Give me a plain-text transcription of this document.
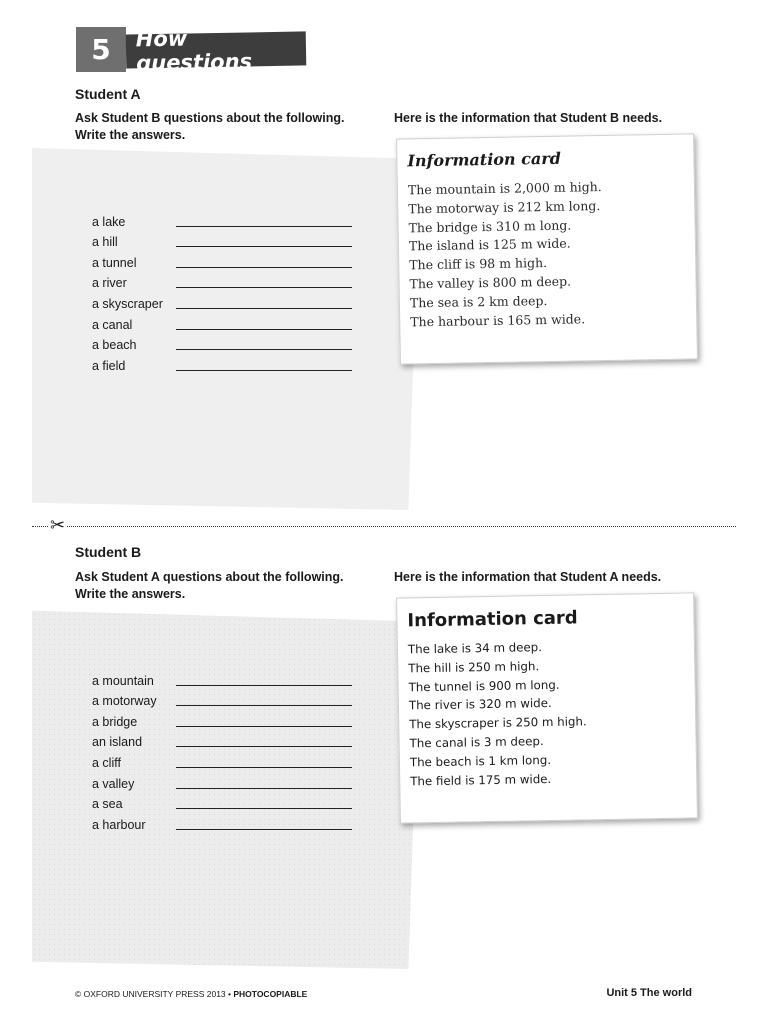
5	How questions
Student A
Ask Student B questions about the following. Write the answers.
Here is the information that Student B needs.
a lake
a hill
a tunnel
a river
a skyscraper
a canal
a beach
a field
Information card
The mountain is 2,000 m high.
The motorway is 212 km long.
The bridge is 310 m long.
The island is 125 m wide.
The cliff is 98 m high.
The valley is 800 m deep.
The sea is 2 km deep.
The harbour is 165 m wide.
✂
Student B
Ask Student A questions about the following. Write the answers.
Here is the information that Student A needs.
a mountain
a motorway
a bridge
an island
a cliff
a valley
a sea
a harbour
Information card
The lake is 34 m deep.
The hill is 250 m high.
The tunnel is 900 m long.
The river is 320 m wide.
The skyscraper is 250 m high.
The canal is 3 m deep.
The beach is 1 km long.
The field is 175 m wide.
© OXFORD UNIVERSITY PRESS 2013 • PHOTOCOPIABLE	Unit 5 The world
